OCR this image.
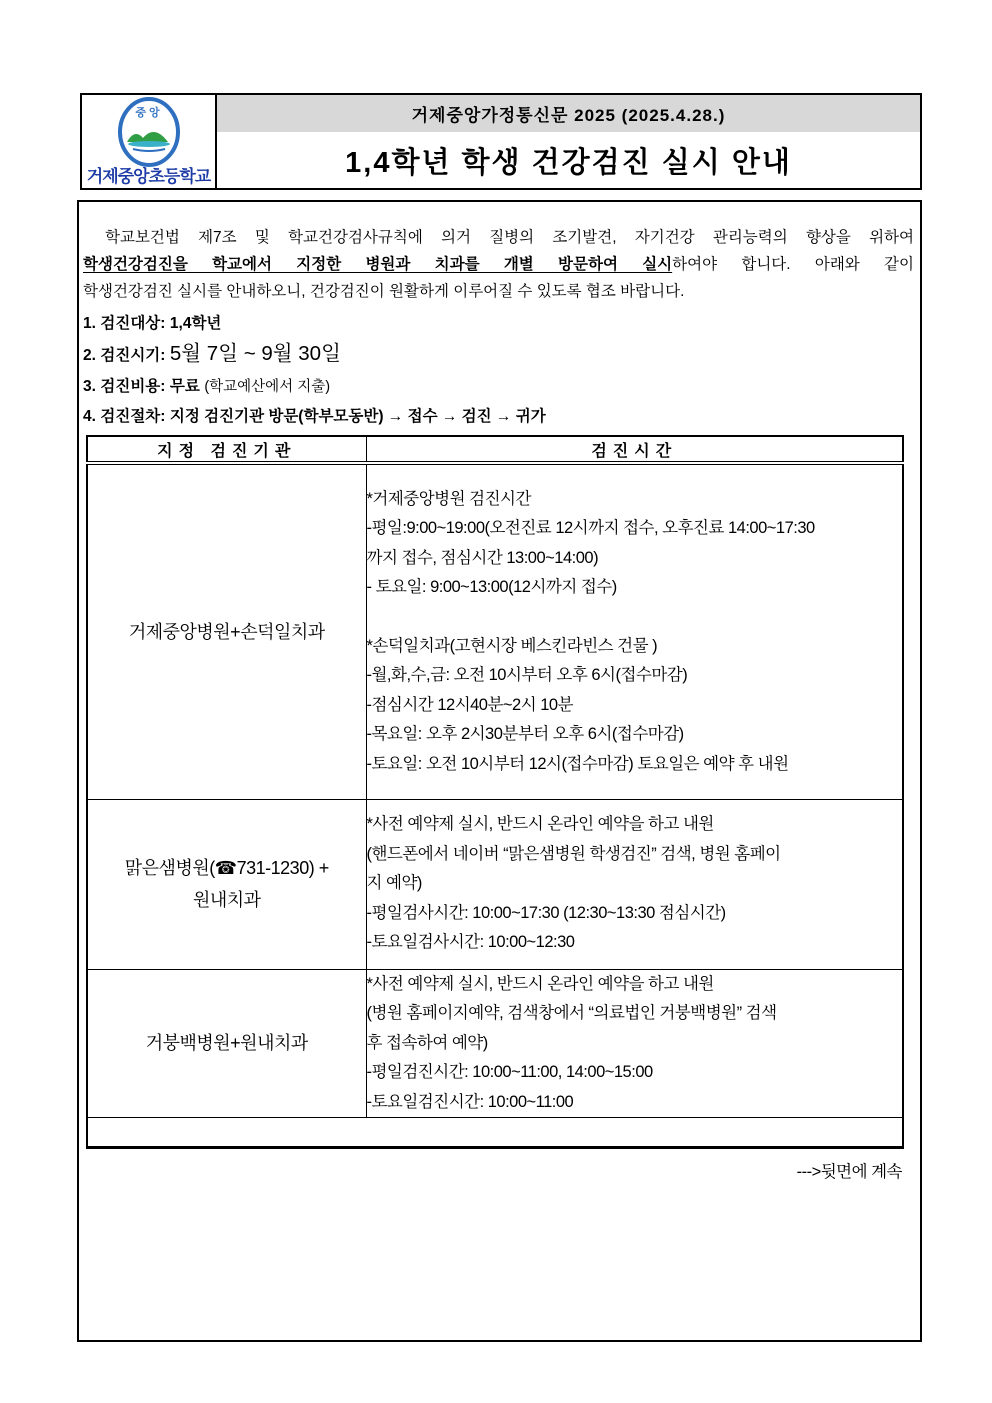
중앙
거제중앙초등학교
거제중앙가정통신문 2025 (2025.4.28.)
1,4학년 학생 건강검진 실시 안내
학교보건법 제7조 및 학교건강검사규칙에 의거 질병의 조기발견, 자기건강 관리능력의 향상을 위하여
학생건강검진을 학교에서 지정한 병원과 치과를 개별 방문하여 실시하여야 합니다. 아래와 같이
학생건강검진 실시를 안내하오니, 건강검진이 원활하게 이루어질 수 있도록 협조 바랍니다.
1. 검진대상: 1,4학년
2. 검진시기: 5월 7일 ~ 9월 30일
3. 검진비용: 무료 (학교예산에서 지출)
4. 검진절차: 지정 검진기관 방문(학부모동반) → 접수 → 검진 → 귀가
지정 검진기관	검진시간

거제중앙병원+손덕일치과

*거제중앙병원 검진시간
-평일:9:00~19:00(오전진료 12시까지 접수, 오후진료 14:00~17:30
까지 접수, 점심시간 13:00~14:00)
- 토요일: 9:00~13:00(12시까지 접수)
*손덕일치과(고현시장 베스킨라빈스 건물 )
-월,화,수,금: 오전 10시부터 오후 6시(접수마감)
-점심시간 12시40분~2시 10분
-목요일: 오후 2시30분부터 오후 6시(접수마감)
-토요일: 오전 10시부터 12시(접수마감) 토요일은 예약 후 내원

맑은샘병원(☎731-1230) +
원내치과

*사전 예약제 실시, 반드시 온라인 예약을 하고 내원
(핸드폰에서 네이버 “맑은샘병원 학생검진” 검색, 병원 홈페이
지 예약)
-평일검사시간: 10:00~17:30 (12:30~13:30 점심시간)
-토요일검사시간: 10:00~12:30

거붕백병원+원내치과	*사전 예약제 실시, 반드시 온라인 예약을 하고 내원
(병원 홈페이지예약, 검색창에서 “의료법인 거붕백병원” 검색
후 접속하여 예약)
-평일검진시간: 10:00~11:00, 14:00~15:00
-토요일검진시간: 10:00~11:00

--->뒷면에 계속
